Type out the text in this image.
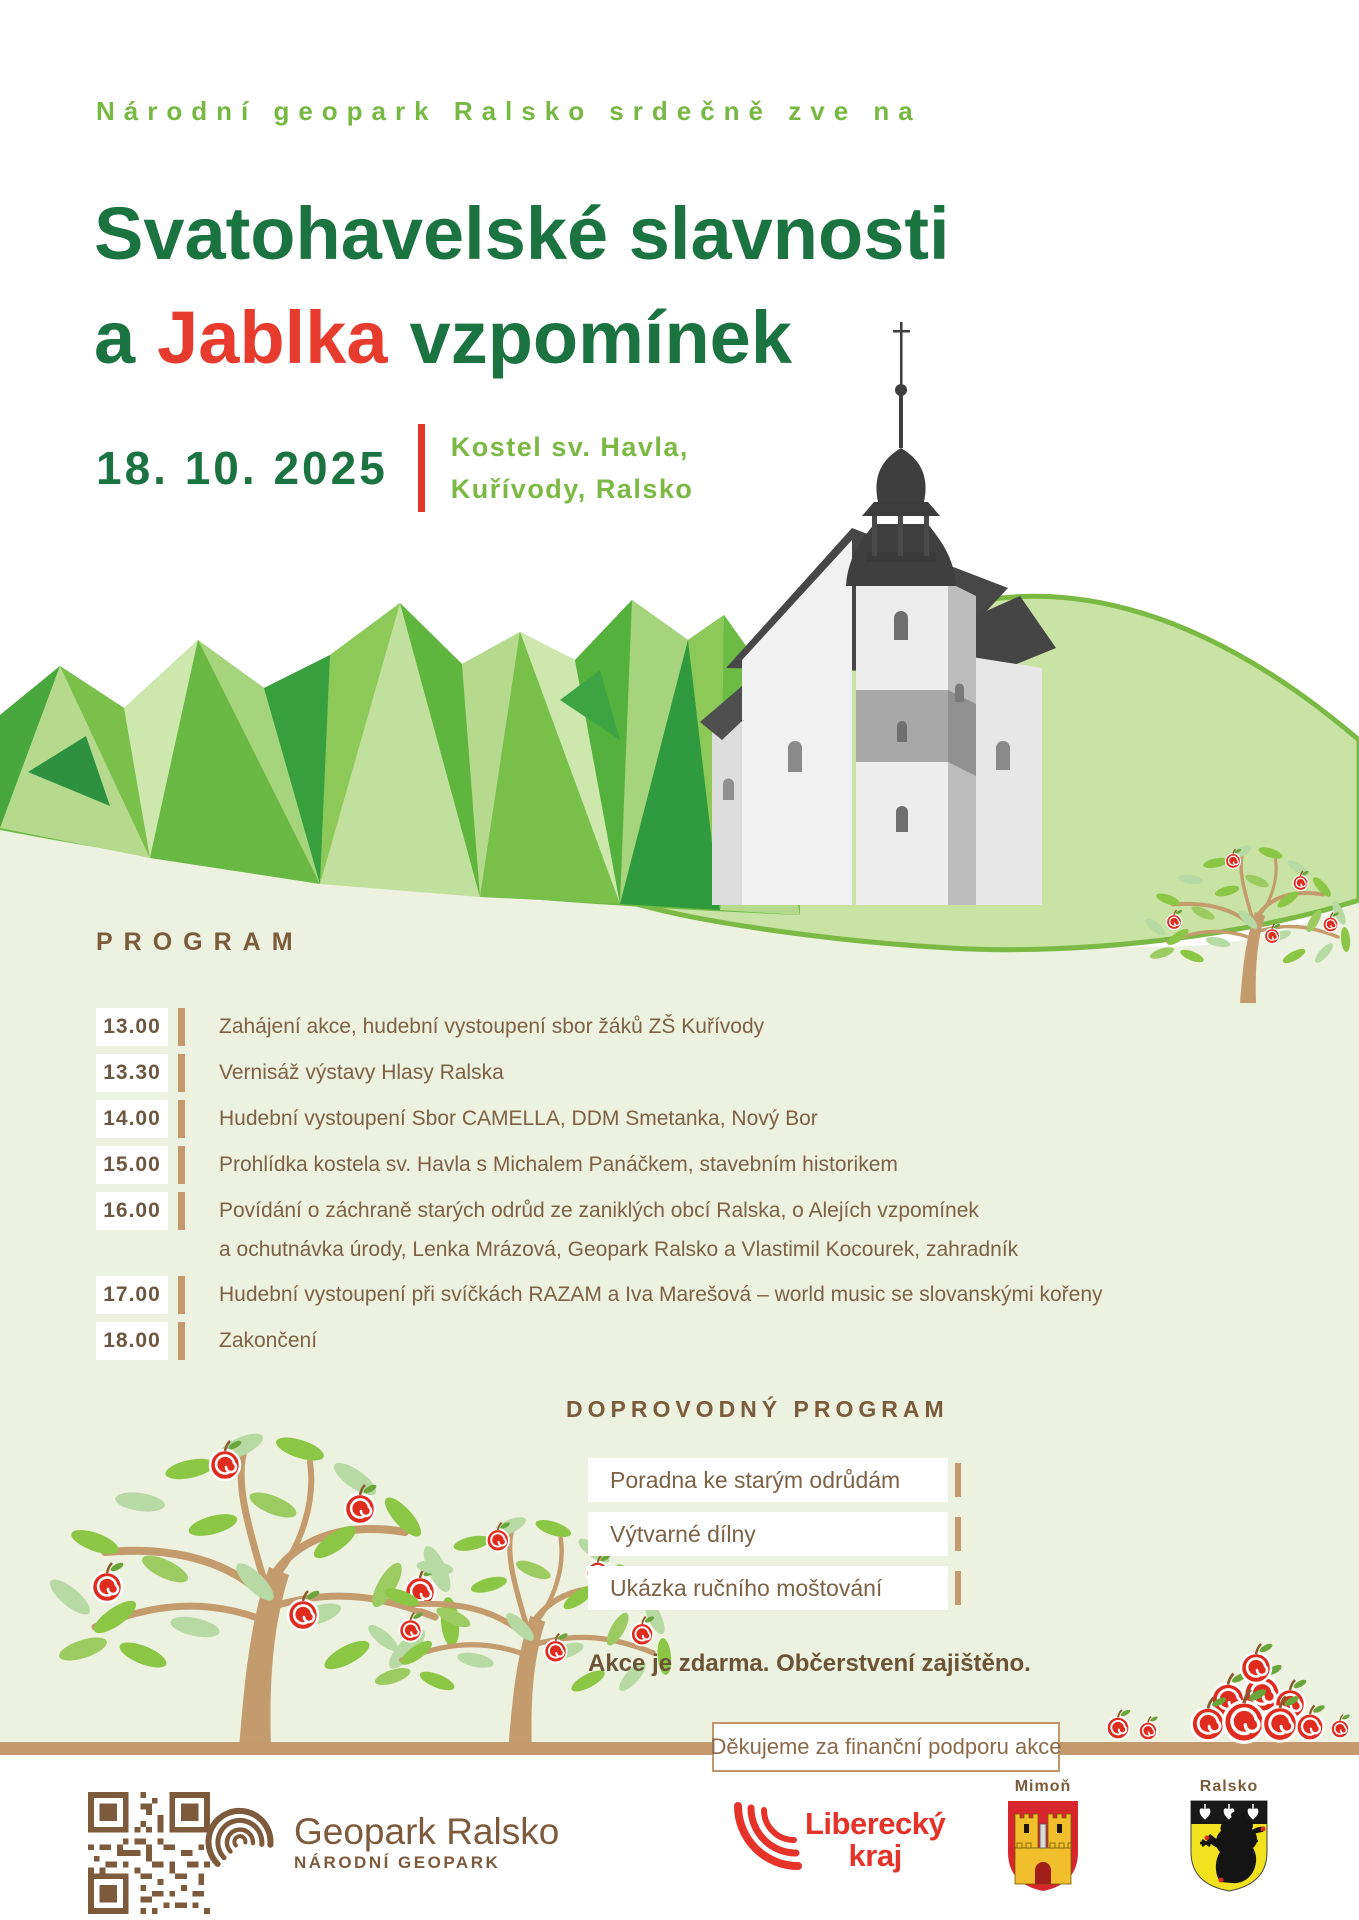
Národní geopark Ralsko srdečně zve na
Svatohavelské slavnosti
a Jablka vzpomínek
18. 10. 2025 Kostel sv. Havla,
Kuřívody, Ralsko
PROGRAM
13.00	Zahájení akce, hudební vystoupení sbor žáků ZŠ Kuřívody
13.30	Vernisáž výstavy Hlasy Ralska
14.00	Hudební vystoupení Sbor CAMELLA, DDM Smetanka, Nový Bor
15.00	Prohlídka kostela sv. Havla s Michalem Panáčkem, stavebním historikem
16.00	Povídání o záchraně starých odrůd ze zaniklých obcí Ralska, o Alejích vzpomínek
a ochutnávka úrody, Lenka Mrázová, Geopark Ralsko a Vlastimil Kocourek, zahradník
17.00	Hudební vystoupení při svíčkách RAZAM a Iva Marešová – world music se slovanskými kořeny
18.00	Zakončení
DOPROVODNÝ PROGRAM
Poradna ke starým odrůdám
Výtvarné dílny
Ukázka ručního moštování
Akce je zdarma. Občerstvení zajištěno.
Děkujeme za finanční podporu akce
Geopark Ralsko
NÁRODNÍ GEOPARK
Liberecký
kraj
Mimoň	Ralsko
